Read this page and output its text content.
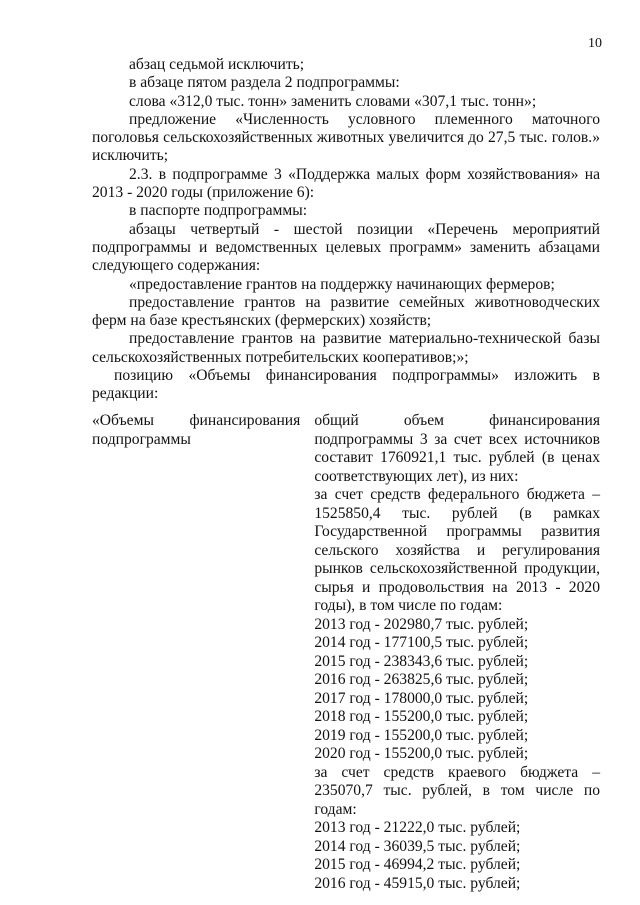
10

абзац седьмой исключить;

в абзаце пятом раздела 2 подпрограммы:

слова «312,0 тыс. тонн» заменить словами «307,1 тыс. тонн»;

предложение «Численность условного племенного маточного поголовья сельскохозяйственных животных увеличится до 27,5 тыс. голов.» исключить;

2.3. в подпрограмме 3 «Поддержка малых форм хозяйствования» на 2013 - 2020 годы (приложение 6):

в паспорте подпрограммы:

абзацы четвертый - шестой позиции «Перечень мероприятий подпрограммы и ведомственных целевых программ» заменить абзацами следующего содержания:

«предоставление грантов на поддержку начинающих фермеров;

предоставление грантов на развитие семейных животноводческих ферм на базе крестьянских (фермерских) хозяйств;

предоставление грантов на развитие материально-технической базы сельскохозяйственных потребительских кооперативов;»;

позицию «Объемы финансирования подпрограммы» изложить в редакции:

«Объемы финансирования

подпрограммы

общий объем финансирования подпрограммы 3 за счет всех источников составит 1760921,1 тыс. рублей (в ценах соответствующих лет), из них:

за счет средств федерального бюджета – 1525850,4 тыс. рублей (в рамках Государственной программы развития сельского хозяйства и регулирования рынков сельскохозяйственной продукции, сырья и продовольствия на 2013 - 2020 годы), в том числе по годам:

2013 год - 202980,7 тыс. рублей;

2014 год - 177100,5 тыс. рублей;

2015 год - 238343,6 тыс. рублей;

2016 год - 263825,6 тыс. рублей;

2017 год - 178000,0 тыс. рублей;

2018 год - 155200,0 тыс. рублей;

2019 год - 155200,0 тыс. рублей;

2020 год - 155200,0 тыс. рублей;

за счет средств краевого бюджета – 235070,7 тыс. рублей, в том числе по годам:

2013 год - 21222,0 тыс. рублей;

2014 год - 36039,5 тыс. рублей;

2015 год - 46994,2 тыс. рублей;

2016 год - 45915,0 тыс. рублей;
